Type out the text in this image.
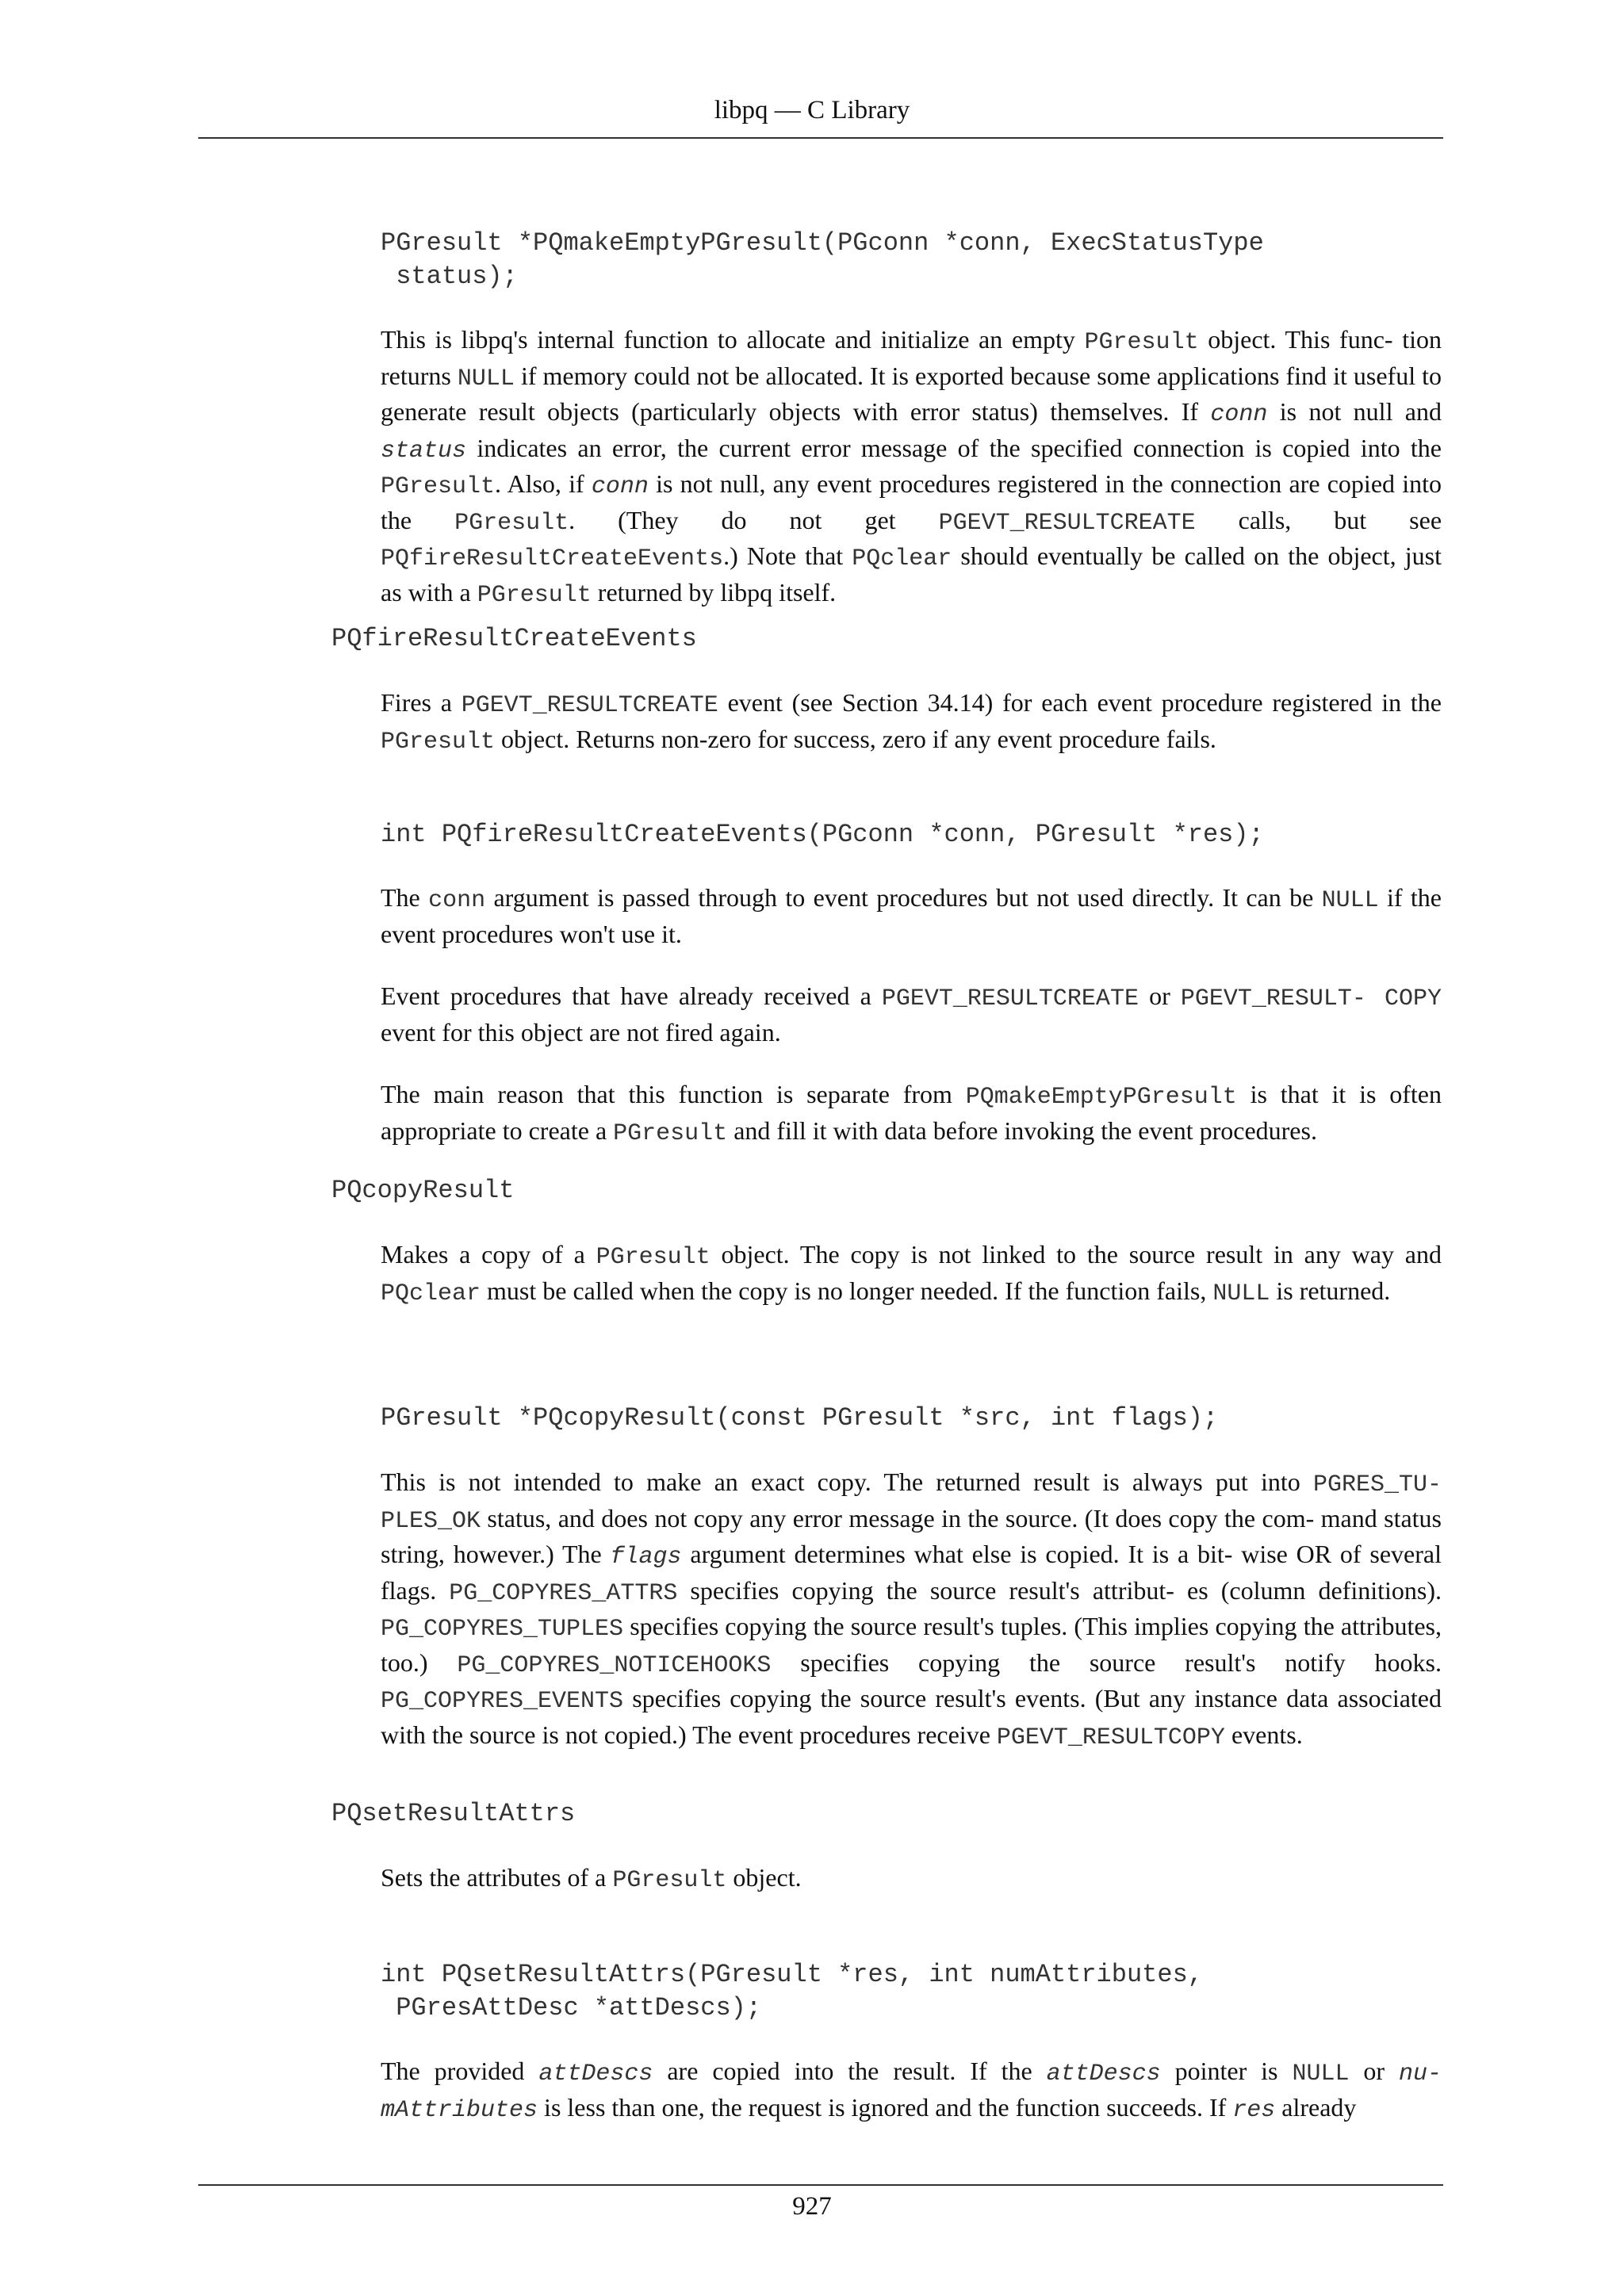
libpq — C Library
PGresult *PQmakeEmptyPGresult(PGconn *conn, ExecStatusType
status);

This is libpq's internal function to allocate and initialize an empty PGresult object. This func- tion returns NULL if memory could not be allocated. It is exported because some applications find it useful to generate result objects (particularly objects with error status) themselves. If conn is not null and status indicates an error, the current error message of the specified connection is copied into the PGresult. Also, if conn is not null, any event procedures registered in the connection are copied into the PGresult. (They do not get PGEVT_RESULTCREATE calls, but see PQfireResultCreateEvents.) Note that PQclear should eventually be called on the object, just as with a PGresult returned by libpq itself.

PQfireResultCreateEvents

Fires a PGEVT_RESULTCREATE event (see Section 34.14) for each event procedure registered in the PGresult object. Returns non-zero for success, zero if any event procedure fails.

int PQfireResultCreateEvents(PGconn *conn, PGresult *res);

The conn argument is passed through to event procedures but not used directly. It can be NULL if the event procedures won't use it.

Event procedures that have already received a PGEVT_RESULTCREATE or PGEVT_RESULT- COPY event for this object are not fired again.

The main reason that this function is separate from PQmakeEmptyPGresult is that it is often appropriate to create a PGresult and fill it with data before invoking the event procedures.

PQcopyResult

Makes a copy of a PGresult object. The copy is not linked to the source result in any way and PQclear must be called when the copy is no longer needed. If the function fails, NULL is returned.

PGresult *PQcopyResult(const PGresult *src, int flags);

This is not intended to make an exact copy. The returned result is always put into PGRES_TU- PLES_OK status, and does not copy any error message in the source. (It does copy the com- mand status string, however.) The flags argument determines what else is copied. It is a bit- wise OR of several flags. PG_COPYRES_ATTRS specifies copying the source result's attribut- es (column definitions). PG_COPYRES_TUPLES specifies copying the source result's tuples. (This implies copying the attributes, too.) PG_COPYRES_NOTICEHOOKS specifies copying the source result's notify hooks. PG_COPYRES_EVENTS specifies copying the source result's events. (But any instance data associated with the source is not copied.) The event procedures receive PGEVT_RESULTCOPY events.

PQsetResultAttrs

Sets the attributes of a PGresult object.

int PQsetResultAttrs(PGresult *res, int numAttributes,
PGresAttDesc *attDescs);

The provided attDescs are copied into the result. If the attDescs pointer is NULL or nu- mAttributes is less than one, the request is ignored and the function succeeds. If res already

927
